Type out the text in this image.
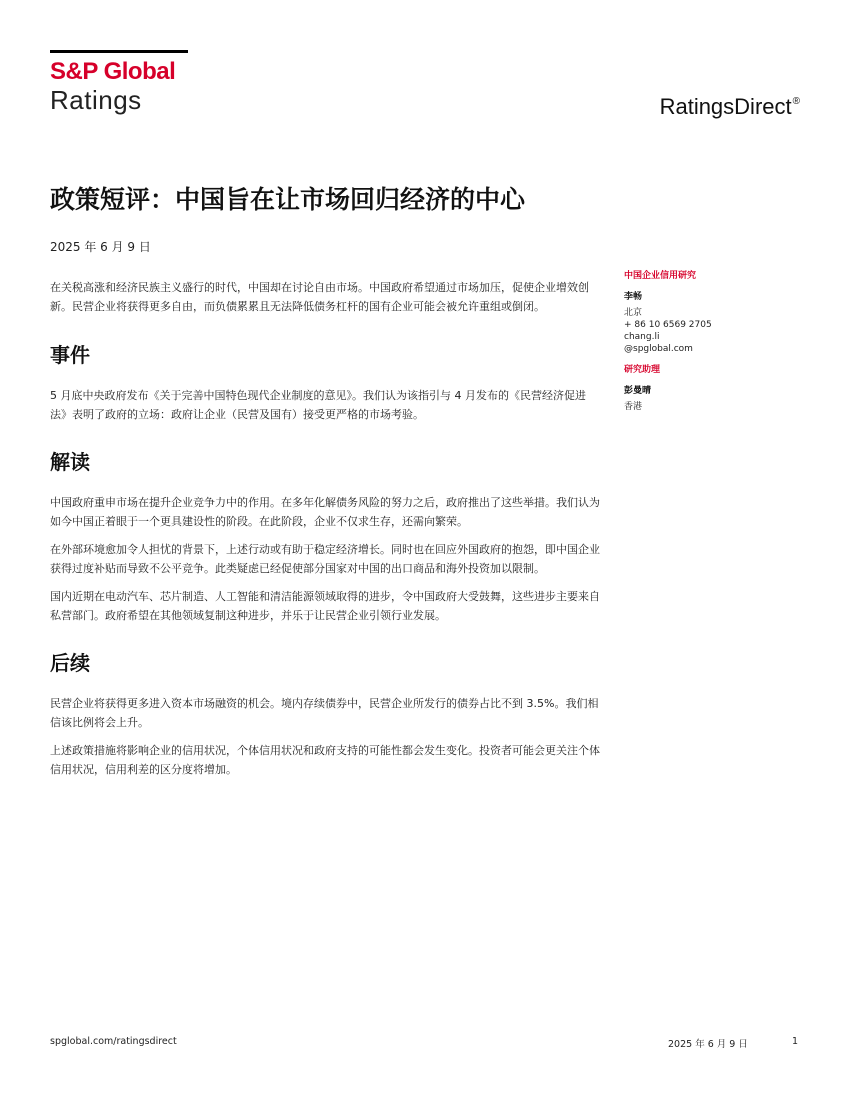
S&P Global
Ratings	RatingsDirect®
政策短评：中国旨在让市场回归经济的中心
2025 年 6 月 9 日

在关税高涨和经济民族主义盛行的时代，中国却在讨论自由市场。中国政府希望通过市场加压，促使企业增效创新。民营企业将获得更多自由，而负债累累且无法降低债务杠杆的国有企业可能会被允许重组或倒闭。

事件

5 月底中央政府发布《关于完善中国特色现代企业制度的意见》。我们认为该指引与 4 月发布的《民营经济促进法》表明了政府的立场：政府让企业（民营及国有）接受更严格的市场考验。

解读

中国政府重申市场在提升企业竞争力中的作用。在多年化解债务风险的努力之后，政府推出了这些举措。我们认为如今中国正着眼于一个更具建设性的阶段。在此阶段，企业不仅求生存，还需向繁荣。

在外部环境愈加令人担忧的背景下，上述行动或有助于稳定经济增长。同时也在回应外国政府的抱怨，即中国企业获得过度补贴而导致不公平竞争。此类疑虑已经促使部分国家对中国的出口商品和海外投资加以限制。

国内近期在电动汽车、芯片制造、人工智能和清洁能源领域取得的进步，令中国政府大受鼓舞，这些进步主要来自私营部门。政府希望在其他领域复制这种进步，并乐于让民营企业引领行业发展。

后续

民营企业将获得更多进入资本市场融资的机会。境内存续债券中，民营企业所发行的债券占比不到 3.5%。我们相信该比例将会上升。

上述政策措施将影响企业的信用状况，个体信用状况和政府支持的可能性都会发生变化。投资者可能会更关注个体信用状况，信用利差的区分度将增加。

中国企业信用研究
李畅
北京
+ 86 10 6569 2705
chang.li
@spglobal.com
研究助理
彭曼晴
香港
spglobal.com/ratingsdirect	2025 年 6 月 9 日	1
